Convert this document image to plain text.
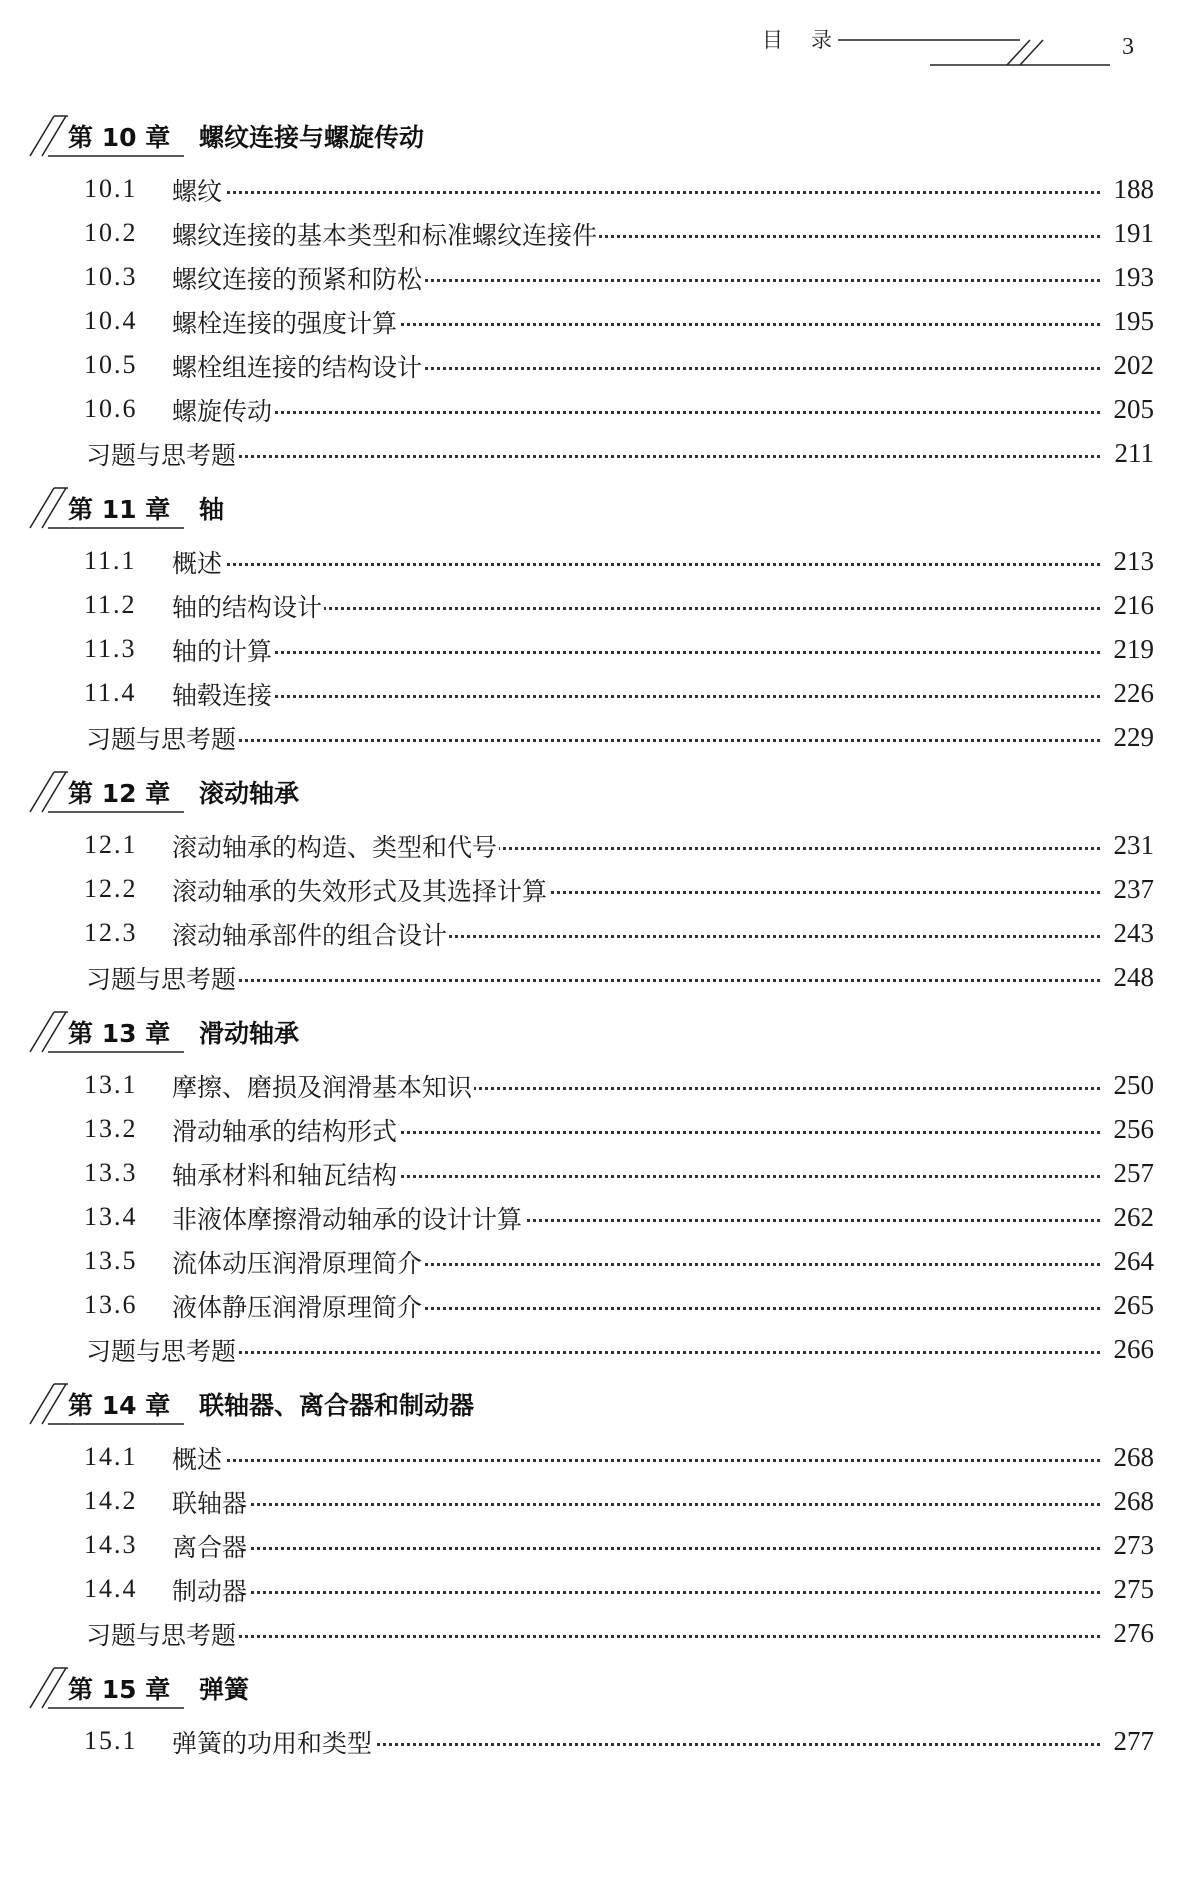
目录	3
第 10 章 螺纹连接与螺旋传动
10.1 螺纹	188
10.2 螺纹连接的基本类型和标准螺纹连接件	191
10.3 螺纹连接的预紧和防松	193
10.4 螺栓连接的强度计算	195
10.5 螺栓组连接的结构设计	202
10.6 螺旋传动	205
习题与思考题	211
第 11 章 轴
11.1 概述	213
11.2 轴的结构设计	216
11.3 轴的计算	219
11.4 轴毂连接	226
习题与思考题	229
第 12 章 滚动轴承
12.1 滚动轴承的构造、类型和代号	231
12.2 滚动轴承的失效形式及其选择计算	237
12.3 滚动轴承部件的组合设计	243
习题与思考题	248
第 13 章 滑动轴承
13.1 摩擦、磨损及润滑基本知识	250
13.2 滑动轴承的结构形式	256
13.3 轴承材料和轴瓦结构	257
13.4 非液体摩擦滑动轴承的设计计算	262
13.5 流体动压润滑原理简介	264
13.6 液体静压润滑原理简介	265
习题与思考题	266
第 14 章 联轴器、离合器和制动器
14.1 概述	268
14.2 联轴器	268
14.3 离合器	273
14.4 制动器	275
习题与思考题	276
第 15 章 弹簧
15.1 弹簧的功用和类型	277
